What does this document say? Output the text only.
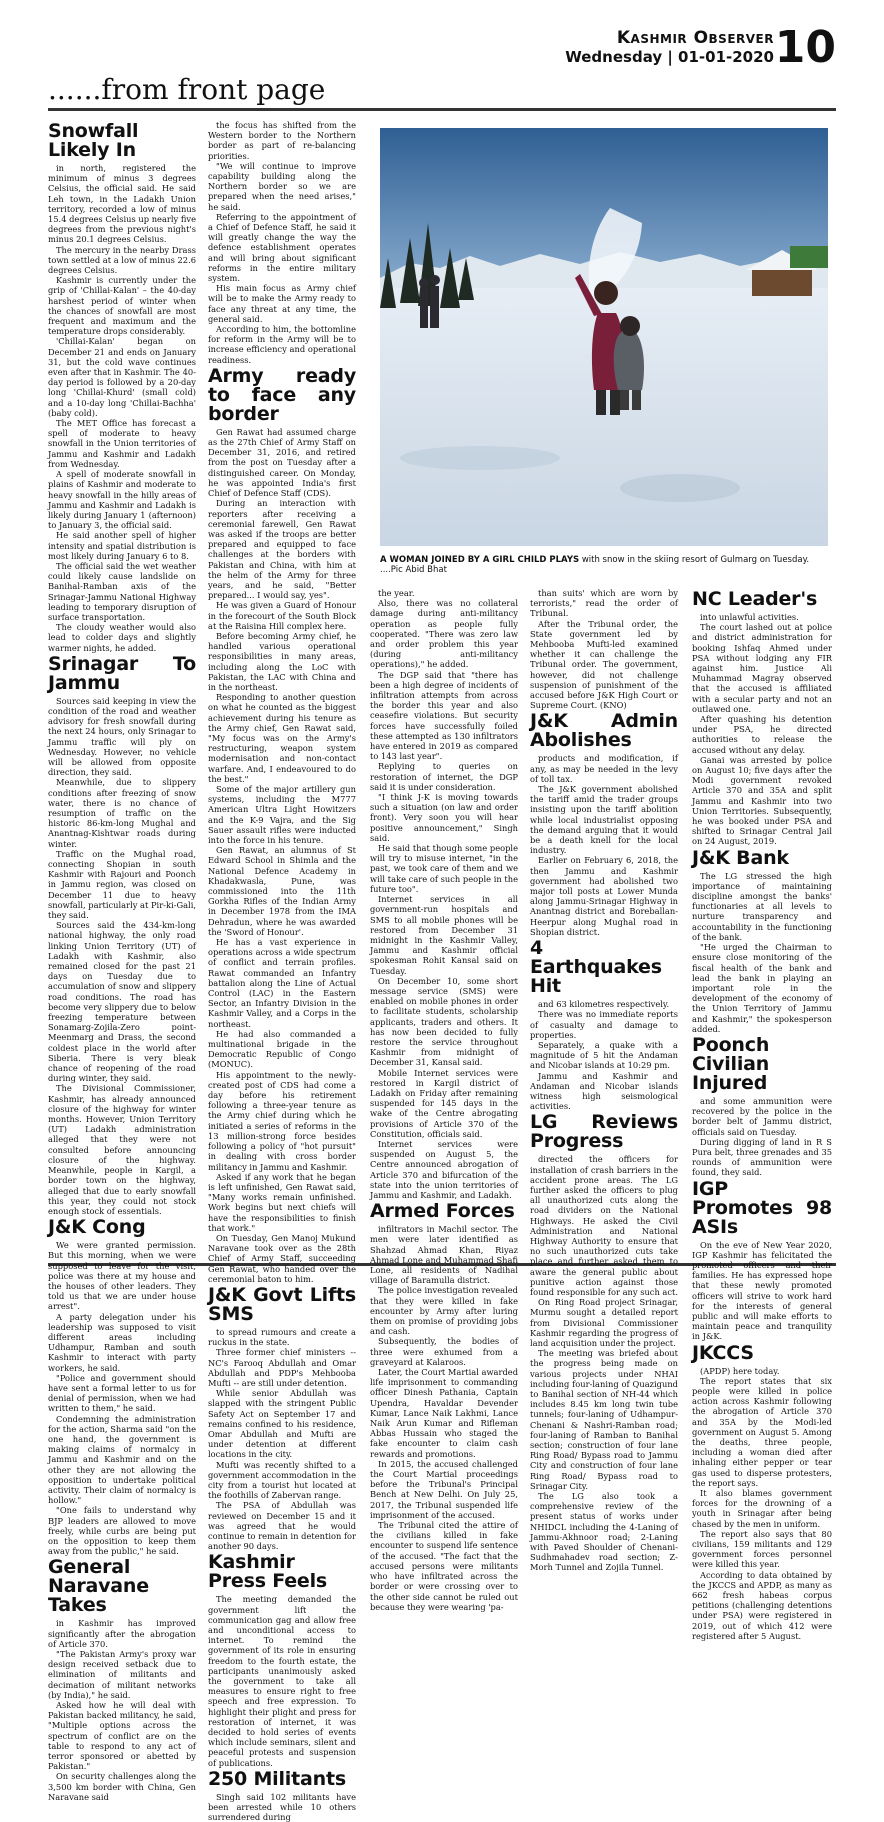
Kashmir Observer
Wednesday | 01-01-2020 10
......from front page
A WOMAN JOINED BY A GIRL CHILD PLAYS with snow in the skiing resort of Gulmarg on Tuesday. ....Pic Abid Bhat
Snowfall Likely In

in north, registered the minimum of minus 3 degrees Celsius, the official said. He said Leh town, in the Ladakh Union territory, recorded a low of minus 15.4 degrees Celsius up nearly five degrees from the previous night's minus 20.1 degrees Celsius.

The mercury in the nearby Drass town settled at a low of minus 22.6 degrees Celsius.

Kashmir is currently under the grip of 'Chillai-Kalan' – the 40-day harshest period of winter when the chances of snowfall are most frequent and maximum and the temperature drops considerably.

'Chillai-Kalan' began on December 21 and ends on January 31, but the cold wave continues even after that in Kashmir. The 40-day period is followed by a 20-day long 'Chillai-Khurd' (small cold) and a 10-day long 'Chillai-Bachha' (baby cold).

The MET Office has forecast a spell of moderate to heavy snowfall in the Union territories of Jammu and Kashmir and Ladakh from Wednesday.

A spell of moderate snowfall in plains of Kashmir and moderate to heavy snowfall in the hilly areas of Jammu and Kashmir and Ladakh is likely during January 1 (afternoon) to January 3, the official said.

He said another spell of higher intensity and spatial distribution is most likely during January 6 to 8.

The official said the wet weather could likely cause landslide on Banihal-Ramban axis of the Srinagar-Jammu National Highway leading to temporary disruption of surface transportation.

The cloudy weather would also lead to colder days and slightly warmer nights, he added.

Srinagar To Jammu

Sources said keeping in view the condition of the road and weather advisory for fresh snowfall during the next 24 hours, only Srinagar to Jammu traffic will ply on Wednesday. However, no vehicle will be allowed from opposite direction, they said.

Meanwhile, due to slippery conditions after freezing of snow water, there is no chance of resumption of traffic on the historic 86-km-long Mughal and Anantnag-Kishtwar roads during winter.

Traffic on the Mughal road, connecting Shopian in south Kashmir with Rajouri and Poonch in Jammu region, was closed on December 11 due to heavy snowfall, particularly at Pir-ki-Gali, they said.

Sources said the 434-km-long national highway, the only road linking Union Territory (UT) of Ladakh with Kashmir, also remained closed for the past 21 days on Tuesday due to accumulation of snow and slippery road conditions. The road has become very slippery due to below freezing temperature between Sonamarg-Zojila-Zero point-Meenmarg and Drass, the second coldest place in the world after Siberia. There is very bleak chance of reopening of the road during winter, they said.

The Divisional Commissioner, Kashmir, has already announced closure of the highway for winter months. However, Union Territory (UT) Ladakh administration alleged that they were not consulted before announcing closure of the highway. Meanwhile, people in Kargil, a border town on the highway, alleged that due to early snowfall this year, they could not stock enough stock of essentials.

J&K Cong

We were granted permission. But this morning, when we were supposed to leave for the visit, police was there at my house and the houses of other leaders. They told us that we are under house arrest".

A party delegation under his leadership was supposed to visit different areas including Udhampur, Ramban and south Kashmir to interact with party workers, he said.

"Police and government should have sent a formal letter to us for denial of permission, when we had written to them," he said.

Condemning the administration for the action, Sharma said "on the one hand, the government is making claims of normalcy in Jammu and Kashmir and on the other they are not allowing the opposition to undertake political activity. Their claim of normalcy is hollow."

"One fails to understand why BJP leaders are allowed to move freely, while curbs are being put on the opposition to keep them away from the public," he said.

General Naravane Takes

in Kashmir has improved significantly after the abrogation of Article 370.

"The Pakistan Army's proxy war design received setback due to elimination of militants and decimation of militant networks (by India)," he said.

Asked how he will deal with Pakistan backed militancy, he said, "Multiple options across the spectrum of conflict are on the table to respond to any act of terror sponsored or abetted by Pakistan."

On security challenges along the 3,500 km border with China, Gen Naravane said

the focus has shifted from the Western border to the Northern border as part of re-balancing priorities.

"We will continue to improve capability building along the Northern border so we are prepared when the need arises," he said.

Referring to the appointment of a Chief of Defence Staff, he said it will greatly change the way the defence establishment operates and will bring about significant reforms in the entire military system.

His main focus as Army chief will be to make the Army ready to face any threat at any time, the general said.

According to him, the bottomline for reform in the Army will be to increase efficiency and operational readiness.

Army ready to face any border

Gen Rawat had assumed charge as the 27th Chief of Army Staff on December 31, 2016, and retired from the post on Tuesday after a distinguished career. On Monday, he was appointed India's first Chief of Defence Staff (CDS).

During an interaction with reporters after receiving a ceremonial farewell, Gen Rawat was asked if the troops are better prepared and equipped to face challenges at the borders with Pakistan and China, with him at the helm of the Army for three years, and he said, "Better prepared... I would say, yes".

He was given a Guard of Honour in the forecourt of the South Block at the Raisina Hill complex here.

Before becoming Army chief, he handled various operational responsibilities in many areas, including along the LoC with Pakistan, the LAC with China and in the northeast.

Responding to another question on what he counted as the biggest achievement during his tenure as the Army chief, Gen Rawat said, "My focus was on the Army's restructuring, weapon system modernisation and non-contact warfare. And, I endeavoured to do the best."

Some of the major artillery gun systems, including the M777 American Ultra Light Howitzers and the K-9 Vajra, and the Sig Sauer assault rifles were inducted into the force in his tenure.

Gen Rawat, an alumnus of St Edward School in Shimla and the National Defence Academy in Khadakwasla, Pune, was commissioned into the 11th Gorkha Rifles of the Indian Army in December 1978 from the IMA Dehradun, where he was awarded the 'Sword of Honour'.

He has a vast experience in operations across a wide spectrum of conflict and terrain profiles. Rawat commanded an Infantry battalion along the Line of Actual Control (LAC) in the Eastern Sector, an Infantry Division in the Kashmir Valley, and a Corps in the northeast.

He had also commanded a multinational brigade in the Democratic Republic of Congo (MONUC).

His appointment to the newly-created post of CDS had come a day before his retirement following a three-year tenure as the Army chief during which he initiated a series of reforms in the 13 million-strong force besides following a policy of "hot pursuit" in dealing with cross border militancy in Jammu and Kashmir.

Asked if any work that he began is left unfinished, Gen Rawat said, "Many works remain unfinished. Work begins but next chiefs will have the responsibilities to finish that work."

On Tuesday, Gen Manoj Mukund Naravane took over as the 28th Chief of Army Staff, succeeding Gen Rawat, who handed over the ceremonial baton to him.

J&K Govt Lifts SMS

to spread rumours and create a ruckus in the state.

Three former chief ministers -- NC's Farooq Abdullah and Omar Abdullah and PDP's Mehbooba Mufti -- are still under detention.

While senior Abdullah was slapped with the stringent Public Safety Act on September 17 and remains confined to his residence, Omar Abdullah and Mufti are under detention at different locations in the city.

Mufti was recently shifted to a government accommodation in the city from a tourist hut located at the foothills of Zabervan range.

The PSA of Abdullah was reviewed on December 15 and it was agreed that he would continue to remain in detention for another 90 days.

Kashmir Press Feels

The meeting demanded the government lift the communication gag and allow free and unconditional access to internet. To remind the government of its role in ensuring freedom to the fourth estate, the participants unanimously asked the government to take all measures to ensure right to free speech and free expression. To highlight their plight and press for restoration of internet, it was decided to hold series of events which include seminars, silent and peaceful protests and suspension of publications.

250 Militants

Singh said 102 militants have been arrested while 10 others surrendered during

the year.

Also, there was no collateral damage during anti-militancy operation as people fully cooperated. "There was zero law and order problem this year (during anti-militancy operations)," he added.

The DGP said that "there has been a high degree of incidents of infiltration attempts from across the border this year and also ceasefire violations. But security forces have successfully foiled these attempted as 130 infiltrators have entered in 2019 as compared to 143 last year".

Replying to queries on restoration of internet, the DGP said it is under consideration.

"I think J-K is moving towards such a situation (on law and order front). Very soon you will hear positive announcement," Singh said.

He said that though some people will try to misuse internet, "in the past, we took care of them and we will take care of such people in the future too".

Internet services in all government-run hospitals and SMS to all mobile phones will be restored from December 31 midnight in the Kashmir Valley, Jammu and Kashmir official spokesman Rohit Kansal said on Tuesday.

On December 10, some short message service (SMS) were enabled on mobile phones in order to facilitate students, scholarship applicants, traders and others. It has now been decided to fully restore the service throughout Kashmir from midnight of December 31, Kansal said.

Mobile Internet services were restored in Kargil district of Ladakh on Friday after remaining suspended for 145 days in the wake of the Centre abrogating provisions of Article 370 of the Constitution, officials said.

Internet services were suspended on August 5, the Centre announced abrogation of Article 370 and bifurcation of the state into the union territories of Jammu and Kashmir, and Ladakh.

Armed Forces

infiltrators in Machil sector. The men were later identified as Shahzad Ahmad Khan, Riyaz Ahmad Lone and Muhammad Shafi Lone, all residents of Nadihal village of Baramulla district.

The police investigation revealed that they were killed in fake encounter by Army after luring them on promise of providing jobs and cash.

Subsequently, the bodies of three were exhumed from a graveyard at Kalaroos.

Later, the Court Martial awarded life imprisonment to commanding officer Dinesh Pathania, Captain Upendra, Havaldar Devender Kumar, Lance Naik Lakhmi, Lance Naik Arun Kumar and Rifleman Abbas Hussain who staged the fake encounter to claim cash rewards and promotions.

In 2015, the accused challenged the Court Martial proceedings before the Tribunal's Principal Bench at New Delhi. On July 25, 2017, the Tribunal suspended life imprisonment of the accused.

The Tribunal cited the attire of the civilians killed in fake encounter to suspend life sentence of the accused. "The fact that the accused persons were militants who have infiltrated across the border or were crossing over to the other side cannot be ruled out because they were wearing 'pa-

than suits' which are worn by terrorists," read the order of Tribunal.

After the Tribunal order, the State government led by Mehbooba Mufti-led examined whether it can challenge the Tribunal order. The government, however, did not challenge suspension of punishment of the accused before J&K High Court or Supreme Court. (KNO)

J&K Admin Abolishes

products and modification, if any, as may be needed in the levy of toll tax.

The J&K government abolished the tariff amid the trader groups insisting upon the tariff abolition while local industrialist opposing the demand arguing that it would be a death knell for the local industry.

Earlier on February 6, 2018, the then Jammu and Kashmir government had abolished two major toll posts at Lower Munda along Jammu-Srinagar Highway in Anantnag district and Boreballan-Heerpur along Mughal road in Shopian district.

4 Earthquakes Hit

and 63 kilometres respectively.

There was no immediate reports of casualty and damage to properties.

Separately, a quake with a magnitude of 5 hit the Andaman and Nicobar islands at 10:29 pm.

Jammu and Kashmir and Andaman and Nicobar islands witness high seismological activities.

LG Reviews Progress

directed the officers for installation of crash barriers in the accident prone areas. The LG further asked the officers to plug all unauthorized cuts along the road dividers on the National Highways. He asked the Civil Administration and National Highway Authority to ensure that no such unauthorized cuts take place and further asked them to aware the general public about punitive action against those found responsible for any such act.

On Ring Road project Srinagar, Murmu sought a detailed report from Divisional Commissioner Kashmir regarding the progress of land acquisition under the project.

The meeting was briefed about the progress being made on various projects under NHAI including four-laning of Quazigund to Banihal section of NH-44 which includes 8.45 km long twin tube tunnels; four-laning of Udhampur-Chenani & Nashri-Ramban road; four-laning of Ramban to Banihal section; construction of four lane Ring Road/ Bypass road to Jammu City and construction of four lane Ring Road/ Bypass road to Srinagar City.

The LG also took a comprehensive review of the present status of works under NHIDCL including the 4-Laning of Jammu-Akhnoor road; 2-Laning with Paved Shoulder of Chenani-Sudhmahadev road section; Z-Morh Tunnel and Zojila Tunnel.

NC Leader's

into unlawful activities.

The court lashed out at police and district administration for booking Ishfaq Ahmed under PSA without lodging any FIR against him. Justice Ali Muhammad Magray observed that the accused is affiliated with a secular party and not an outlawed one.

After quashing his detention under PSA, he directed authorities to release the accused without any delay.

Ganai was arrested by police on August 10; five days after the Modi government revoked Article 370 and 35A and split Jammu and Kashmir into two Union Territories. Subsequently, he was booked under PSA and shifted to Srinagar Central Jail on 24 August, 2019.

J&K Bank

The LG stressed the high importance of maintaining discipline amongst the banks' functionaries at all levels to nurture transparency and accountability in the functioning of the bank.

"He urged the Chairman to ensure close monitoring of the fiscal health of the bank and lead the bank in playing an important role in the development of the economy of the Union Territory of Jammu and Kashmir," the spokesperson added.

Poonch Civilian Injured

and some ammunition were recovered by the police in the border belt of Jammu district, officials said on Tuesday.

During digging of land in R S Pura belt, three grenades and 35 rounds of ammunition were found, they said.

IGP Promotes 98 ASIs

On the eve of New Year 2020, IGP Kashmir has felicitated the promoted officers and their families. He has expressed hope that these newly promoted officers will strive to work hard for the interests of general public and will make efforts to maintain peace and tranquility in J&K.

JKCCS

(APDP) here today.

The report states that six people were killed in police action across Kashmir following the abrogation of Article 370 and 35A by the Modi-led government on August 5. Among the deaths, three people, including a woman died after inhaling either pepper or tear gas used to disperse protesters, the report says.

It also blames government forces for the drowning of a youth in Srinagar after being chased by the men in uniform.

The report also says that 80 civilians, 159 militants and 129 government forces personnel were killed this year.

According to data obtained by the JKCCS and APDP, as many as 662 fresh habeas corpus petitions (challenging detentions under PSA) were registered in 2019, out of which 412 were registered after 5 August.
